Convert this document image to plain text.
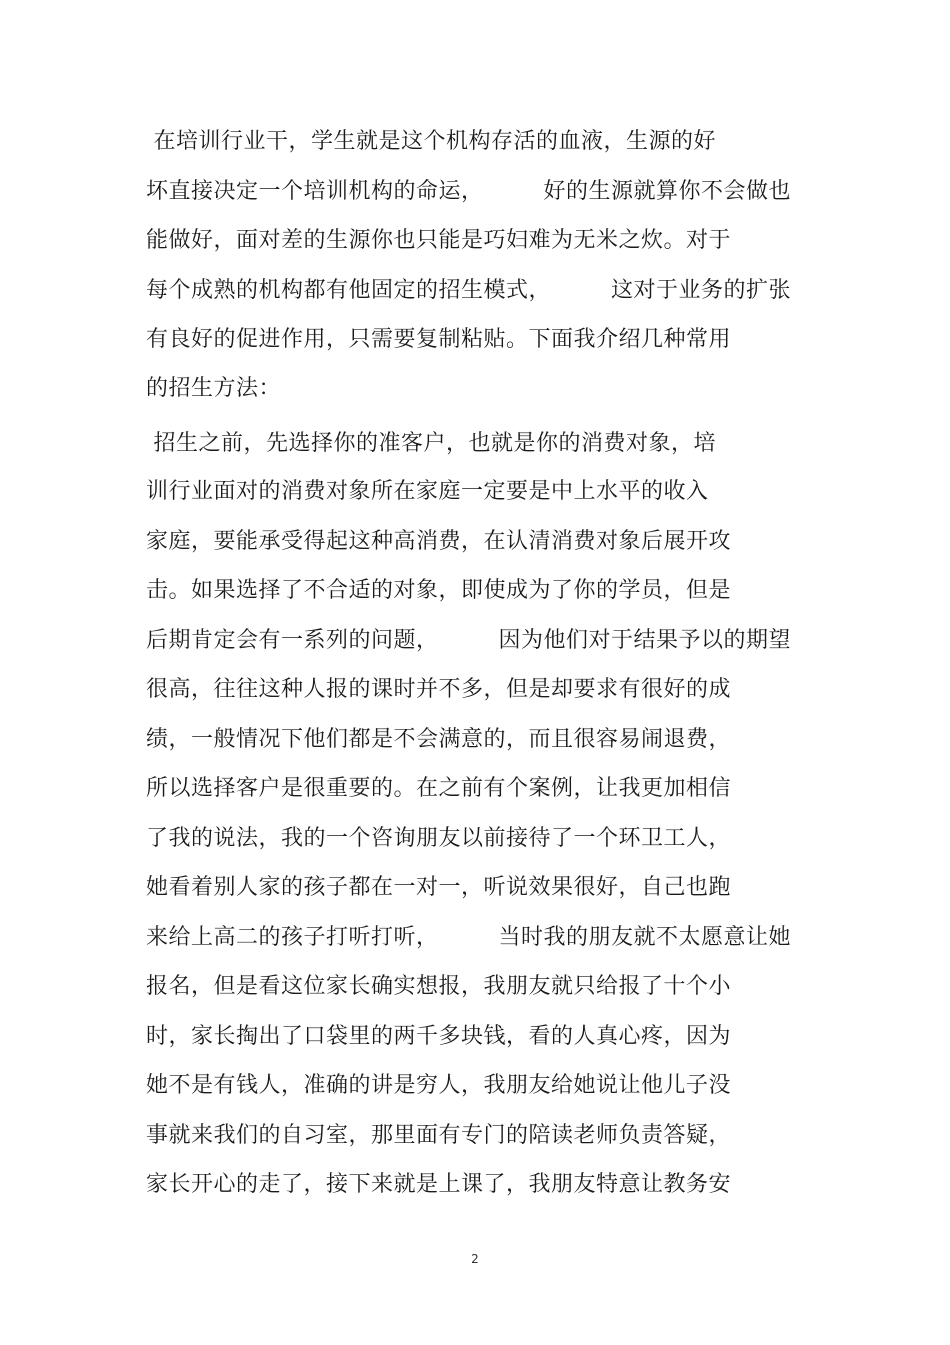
在培训行业干，学生就是这个机构存活的血液，生源的好
坏直接决定一个培训机构的命运，        好的生源就算你不会做也
能做好，面对差的生源你也只能是巧妇难为无米之炊。对于
每个成熟的机构都有他固定的招生模式，        这对于业务的扩张
有良好的促进作用，只需要复制粘贴。下面我介绍几种常用
的招生方法：
招生之前，先选择你的准客户，也就是你的消费对象，培
训行业面对的消费对象所在家庭一定要是中上水平的收入
家庭，要能承受得起这种高消费，在认清消费对象后展开攻
击。如果选择了不合适的对象，即使成为了你的学员，但是
后期肯定会有一系列的问题，        因为他们对于结果予以的期望
很高，往往这种人报的课时并不多，但是却要求有很好的成
绩，一般情况下他们都是不会满意的，而且很容易闹退费，
所以选择客户是很重要的。在之前有个案例，让我更加相信
了我的说法，我的一个咨询朋友以前接待了一个环卫工人，
她看着别人家的孩子都在一对一，听说效果很好，自己也跑
来给上高二的孩子打听打听，        当时我的朋友就不太愿意让她
报名，但是看这位家长确实想报，我朋友就只给报了十个小
时，家长掏出了口袋里的两千多块钱，看的人真心疼，因为
她不是有钱人，准确的讲是穷人，我朋友给她说让他儿子没
事就来我们的自习室，那里面有专门的陪读老师负责答疑，
家长开心的走了，接下来就是上课了，我朋友特意让教务安
2
